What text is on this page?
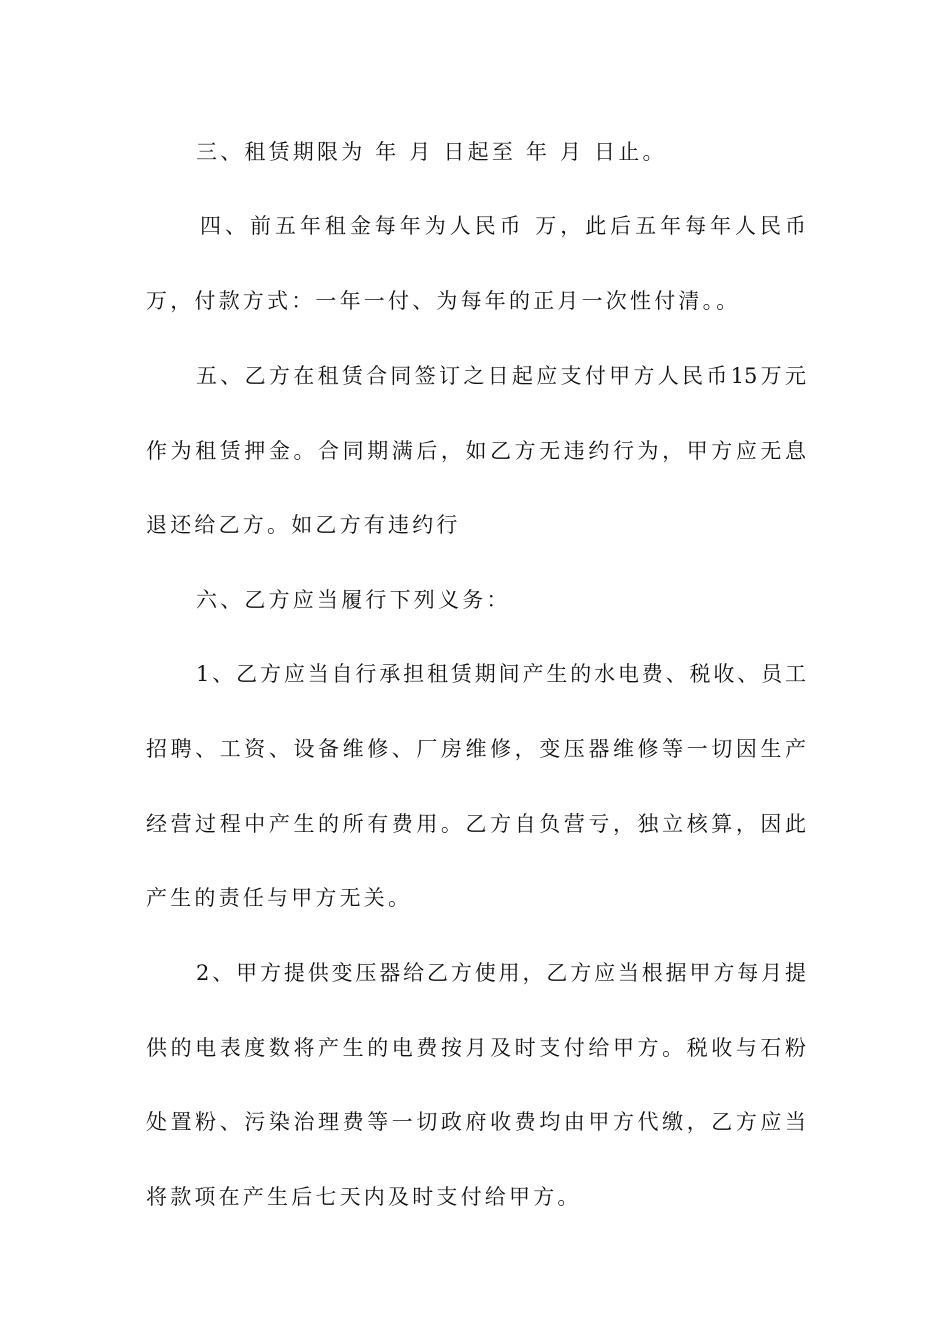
三、租赁期限为 年 月 日起至 年 月 日止。
四、前五年租金每年为人民币 万，此后五年每年人民币
万，付款方式：一年一付、为每年的正月一次性付清。。
五、乙方在租赁合同签订之日起应支付甲方人民币15万元
作为租赁押金。合同期满后，如乙方无违约行为，甲方应无息
退还给乙方。如乙方有违约行
六、乙方应当履行下列义务：
1、乙方应当自行承担租赁期间产生的水电费、税收、员工
招聘、工资、设备维修、厂房维修，变压器维修等一切因生产
经营过程中产生的所有费用。乙方自负营亏，独立核算，因此
产生的责任与甲方无关。
2、甲方提供变压器给乙方使用，乙方应当根据甲方每月提
供的电表度数将产生的电费按月及时支付给甲方。税收与石粉
处置粉、污染治理费等一切政府收费均由甲方代缴，乙方应当
将款项在产生后七天内及时支付给甲方。
